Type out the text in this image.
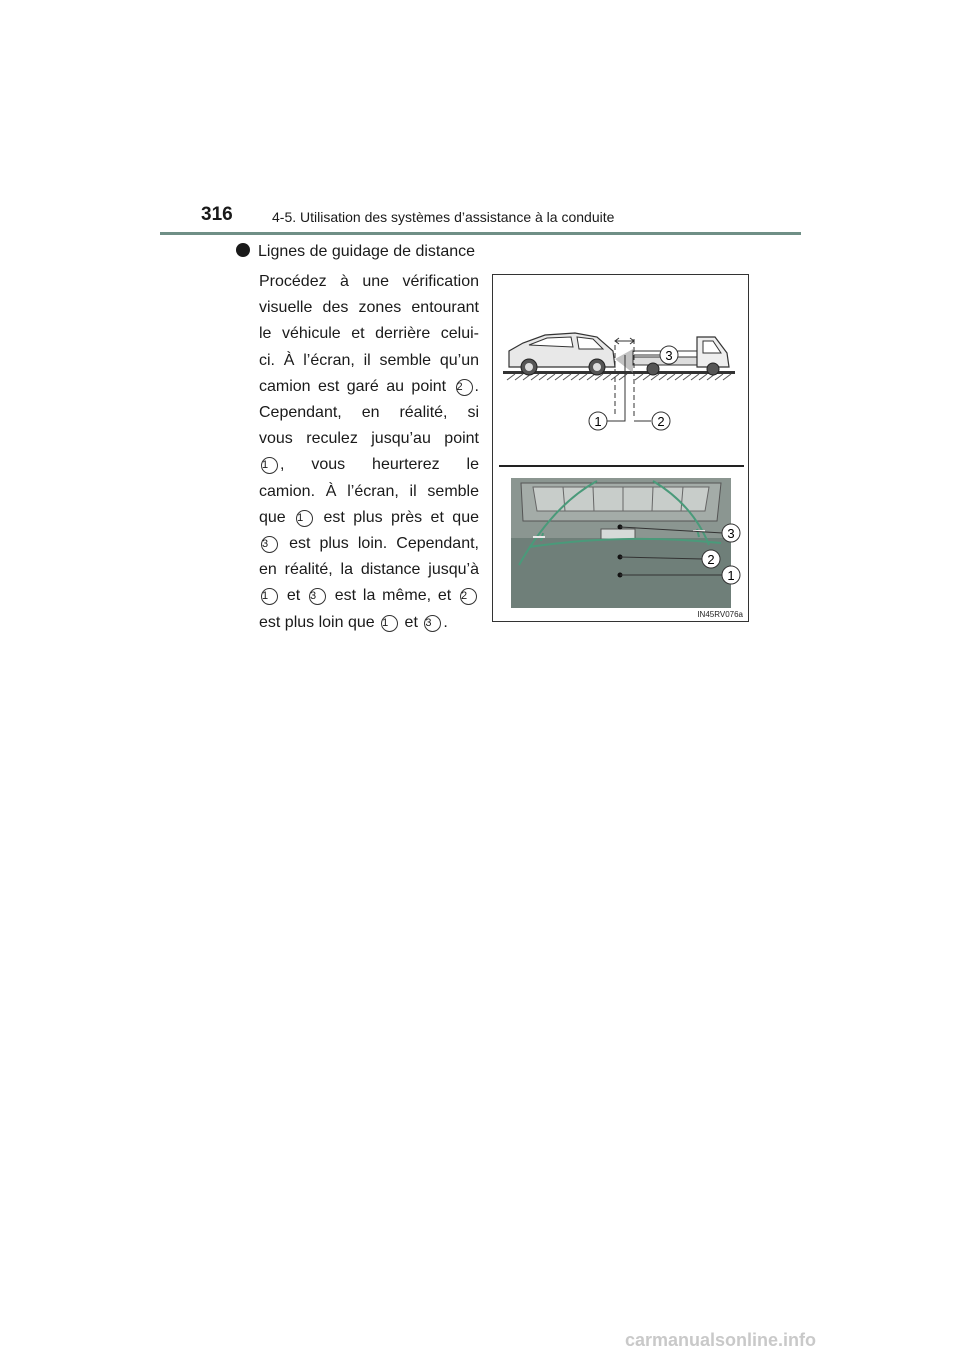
316	4-5. Utilisation des systèmes d’assistance à la conduite
Lignes de guidage de distance
Procédez à une vérification
visuelle des zones entourant
le véhicule et derrière celui-
ci. À l’écran, il semble qu’un
camion est garé au point 2 .
Cependant, en réalité, si
vous reculez jusqu’au point
1 , vous heurterez le
camion. À l’écran, il semble
que 1 est plus près et que
3 est plus loin. Cependant,
en réalité, la distance jusqu’à
1 et 3 est la même, et 2
est plus loin que 1 et 3 .
3
1	2
3
2
1
IN45RV076a
carmanualsonline.info
